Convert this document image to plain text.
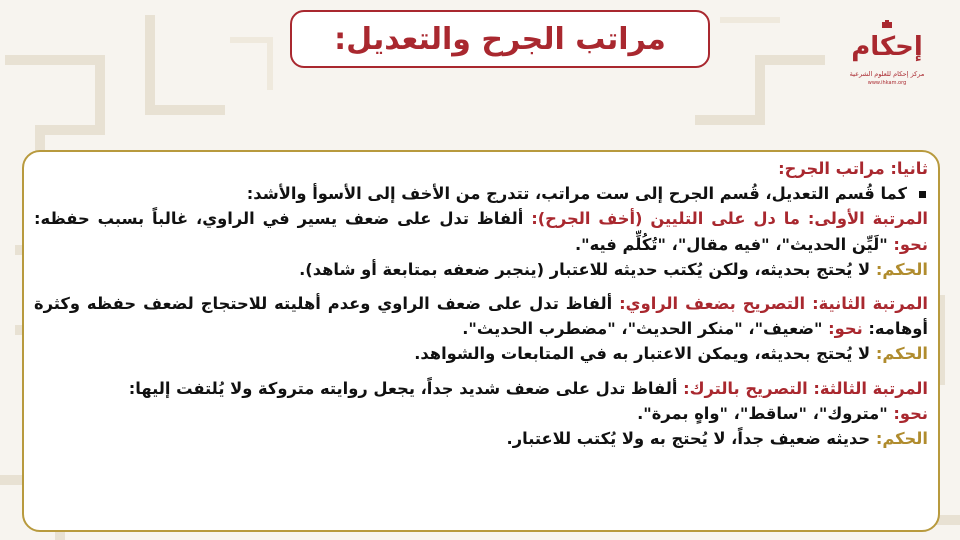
مراتب الجرح والتعديل:	إحكام
مركز إحكام للعلوم الشرعية
www.ihkam.org

ثانيا: مراتب الجرح:

كما قُسم التعديل، قُسم الجرح إلى ست مراتب، تتدرج من الأخف إلى الأسوأ والأشد:

المرتبة الأولى: ما دل على التليين (أخف الجرح): ألفاظ تدل على ضعف يسير في الراوي، غالباً بسبب حفظه: نحو: "لَيِّن الحديث"، "فيه مقال"، "تُكُلِّم فيه".

الحكم: لا يُحتج بحديثه، ولكن يُكتب حديثه للاعتبار (ينجبر ضعفه بمتابعة أو شاهد).

المرتبة الثانية: التصريح بضعف الراوي: ألفاظ تدل على ضعف الراوي وعدم أهليته للاحتجاج لضعف حفظه وكثرة أوهامه: نحو: "ضعيف"، "منكر الحديث"، "مضطرب الحديث".

الحكم: لا يُحتج بحديثه، ويمكن الاعتبار به في المتابعات والشواهد.

المرتبة الثالثة: التصريح بالترك: ألفاظ تدل على ضعف شديد جداً، يجعل روايته متروكة ولا يُلتفت إليها:

نحو: "متروك"، "ساقط"، "واهٍ بمرة".

الحكم: حديثه ضعيف جداً، لا يُحتج به ولا يُكتب للاعتبار.
